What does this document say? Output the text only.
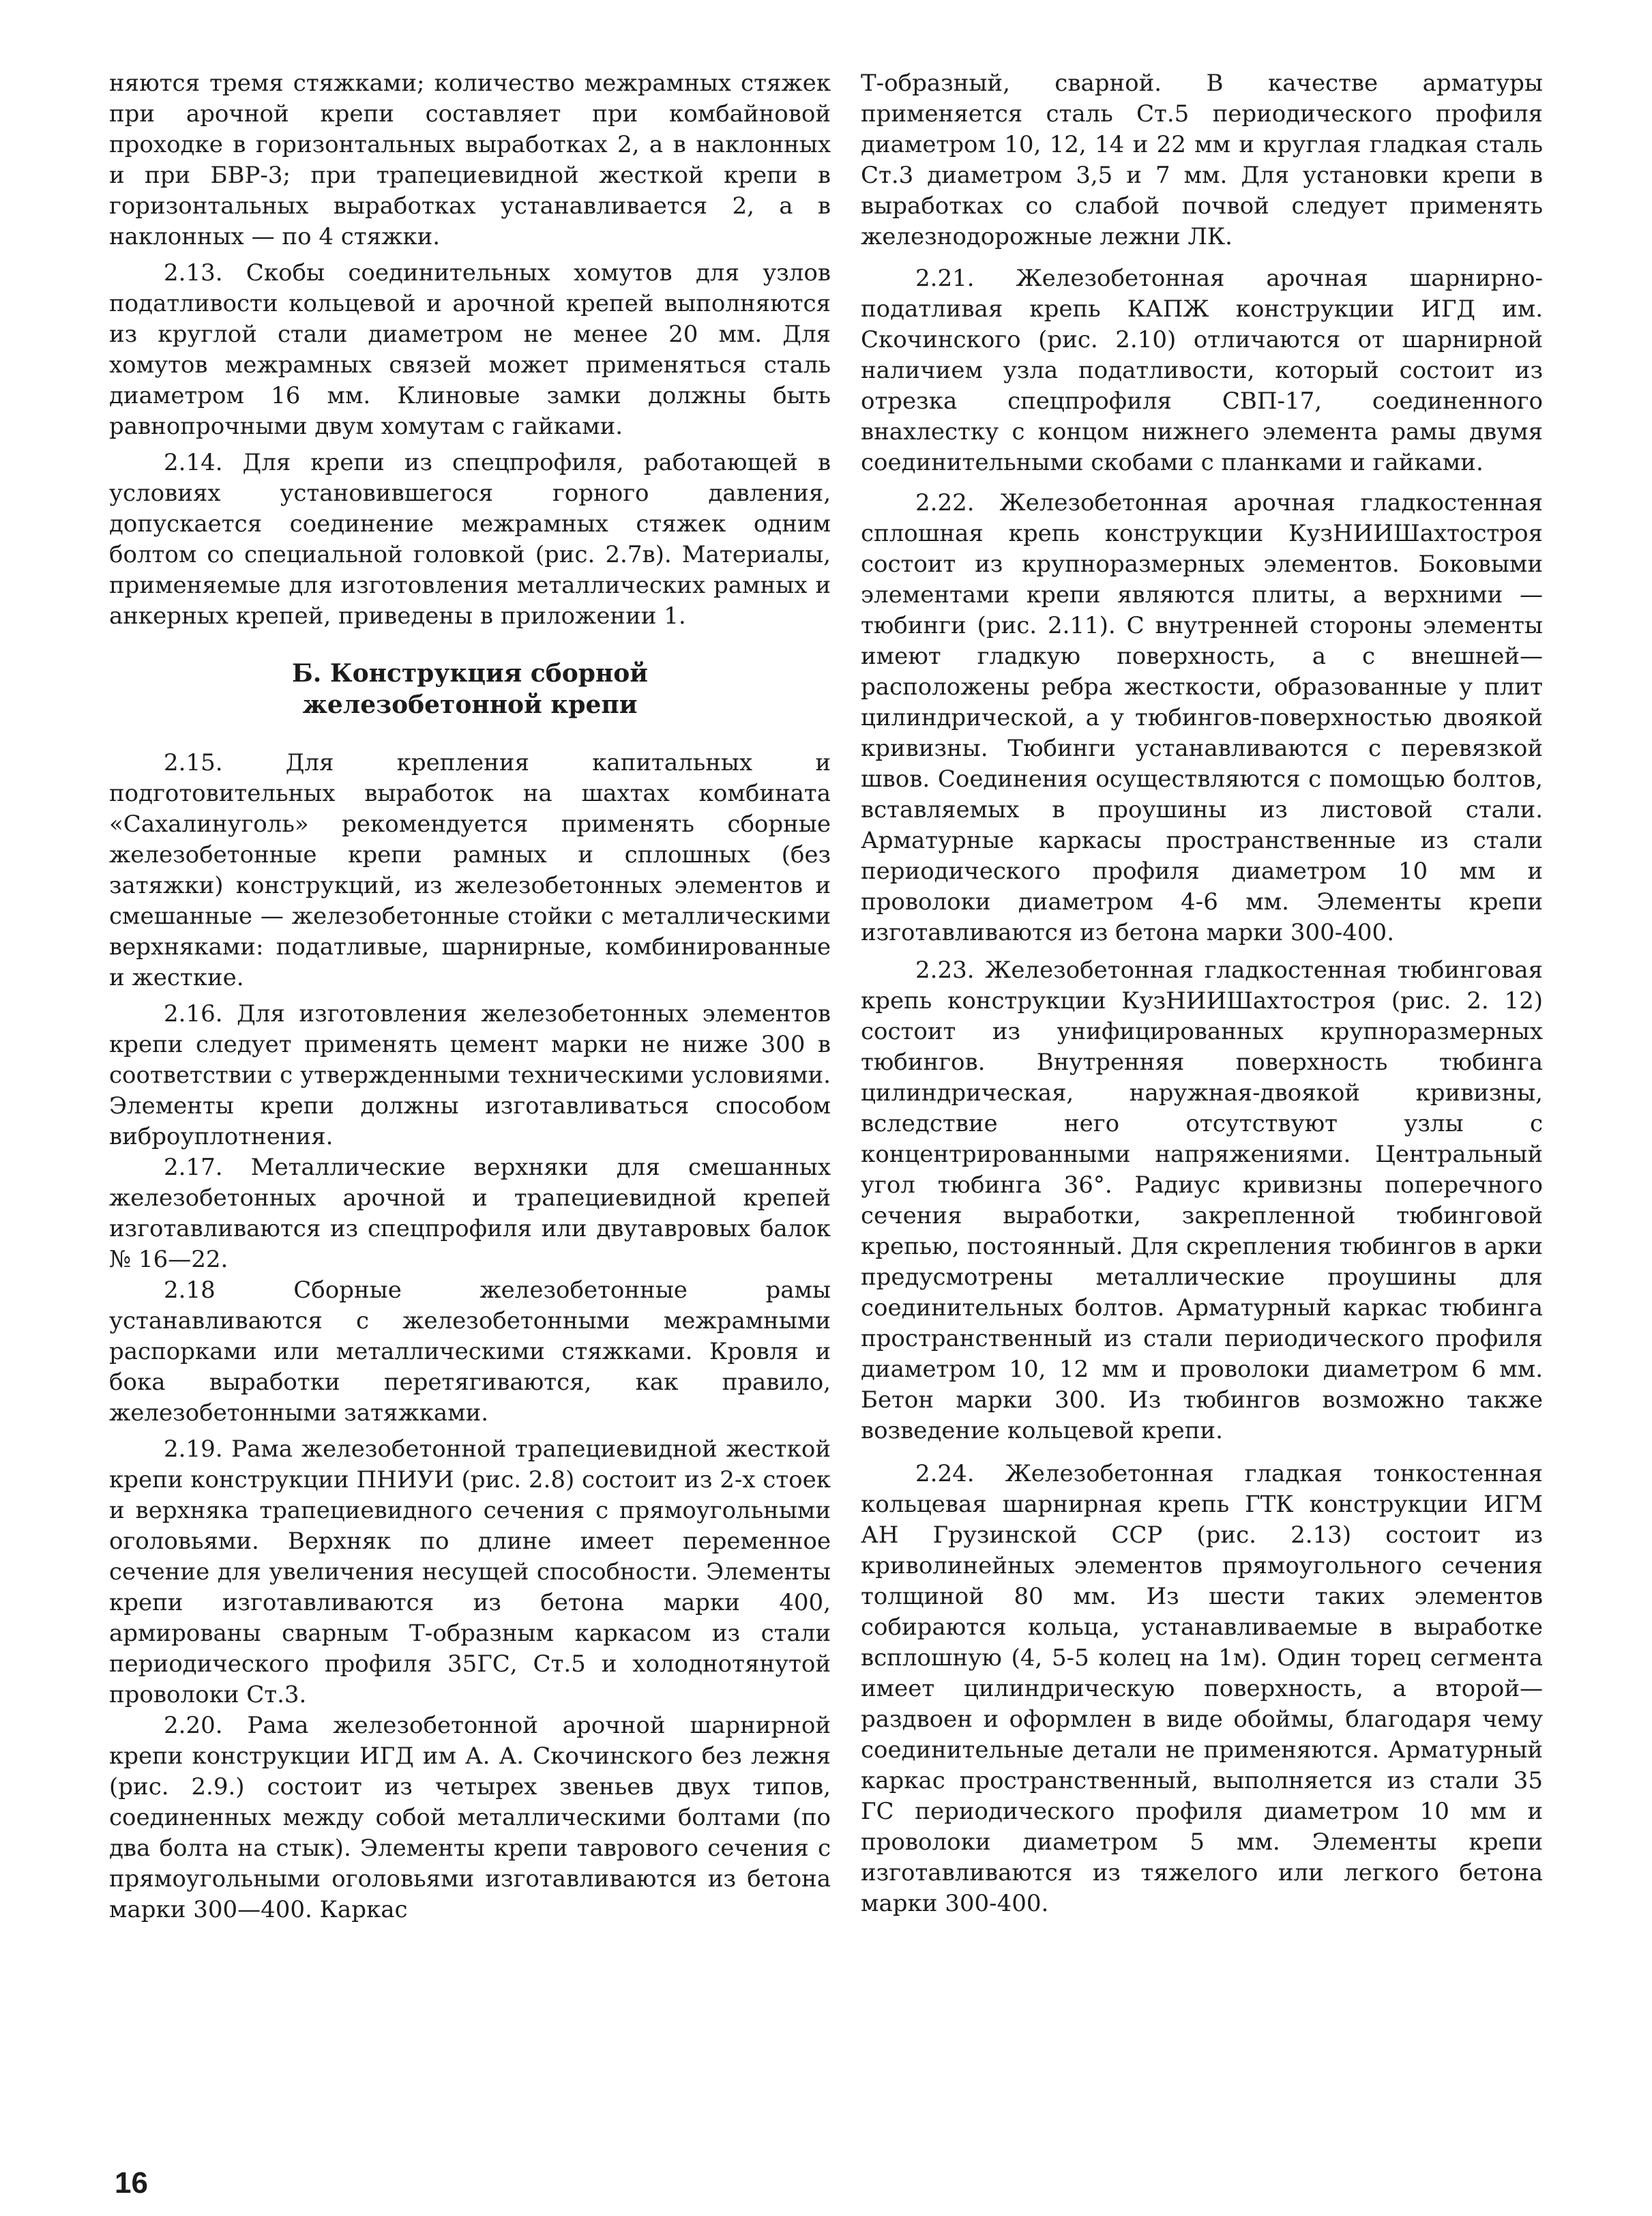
няются тремя стяжками; количество межрамных стяжек при арочной крепи составляет при комбайновой проходке в горизонтальных выработках 2, а в наклонных и при БВР-3; при трапециевидной жесткой крепи в горизонтальных выработках устанавливается 2, а в наклонных — по 4 стяжки.

2.13. Скобы соединительных хомутов для узлов податливости кольцевой и арочной крепей выполняются из круглой стали диаметром не менее 20 мм. Для хомутов межрамных связей может применяться сталь диаметром 16 мм. Клиновые замки должны быть равнопрочными двум хомутам с гайками.

2.14. Для крепи из спецпрофиля, работающей в условиях установившегося горного давления, допускается соединение межрамных стяжек одним болтом со специальной головкой (рис. 2.7в). Материалы, применяемые для изготовления металлических рамных и анкерных крепей, приведены в приложении 1.

Б. Конструкция сборной
железобетонной крепи

2.15. Для крепления капитальных и подготовительных выработок на шахтах комбината «Сахалинуголь» рекомендуется применять сборные железобетонные крепи рамных и сплошных (без затяжки) конструкций, из железобетонных элементов и смешанные — железобетонные стойки с металлическими верхняками: податливые, шарнирные, комбинированные и жесткие.

2.16. Для изготовления железобетонных элементов крепи следует применять цемент марки не ниже 300 в соответствии с утвержденными техническими условиями. Элементы крепи должны изготавливаться способом виброуплотнения.

2.17. Металлические верхняки для смешанных железобетонных арочной и трапециевидной крепей изготавливаются из спецпрофиля или двутавровых балок № 16—22.

2.18 Сборные железобетонные рамы устанавливаются с железобетонными межрамными распорками или металлическими стяжками. Кровля и бока выработки перетягиваются, как правило, железобетонными затяжками.

2.19. Рама железобетонной трапециевидной жесткой крепи конструкции ПНИУИ (рис. 2.8) состоит из 2-х стоек и верхняка трапециевидного сечения с прямоугольными оголовьями. Верхняк по длине имеет переменное сечение для увеличения несущей способности. Элементы крепи изготавливаются из бетона марки 400, армированы сварным Т-образным каркасом из стали периодического профиля 35ГС, Ст.5 и холоднотянутой проволоки Ст.3.

2.20. Рама железобетонной арочной шарнирной крепи конструкции ИГД им А. А. Скочинского без лежня (рис. 2.9.) состоит из четырех звеньев двух типов, соединенных между собой металлическими болтами (по два болта на стык). Элементы крепи таврового сечения с прямоугольными оголовьями изготавливаются из бетона марки 300—400. Каркас

Т-образный, сварной. В качестве арматуры применяется сталь Ст.5 периодического профиля диаметром 10, 12, 14 и 22 мм и круглая гладкая сталь Ст.3 диаметром 3,5 и 7 мм. Для установки крепи в выработках со слабой почвой следует применять железнодорожные лежни ЛК.

2.21. Железобетонная арочная шарнирно-податливая крепь КАПЖ конструкции ИГД им. Скочинского (рис. 2.10) отличаются от шарнирной наличием узла податливости, который состоит из отрезка спецпрофиля СВП-17, соединенного внахлестку с концом нижнего элемента рамы двумя соединительными скобами с планками и гайками.

2.22. Железобетонная арочная гладкостенная сплошная крепь конструкции КузНИИШахтостроя состоит из крупноразмерных элементов. Боковыми элементами крепи являются плиты, а верхними — тюбинги (рис. 2.11). С внутренней стороны элементы имеют гладкую поверхность, а с внешней—расположены ребра жесткости, образованные у плит цилиндрической, а у тюбингов-поверхностью двоякой кривизны. Тюбинги устанавливаются с перевязкой швов. Соединения осуществляются с помощью болтов, вставляемых в проушины из листовой стали. Арматурные каркасы пространственные из стали периодического профиля диаметром 10 мм и проволоки диаметром 4-6 мм. Элементы крепи изготавливаются из бетона марки 300-400.

2.23. Железобетонная гладкостенная тюбинговая крепь конструкции КузНИИШахтостроя (рис. 2. 12) состоит из унифицированных крупноразмерных тюбингов. Внутренняя поверхность тюбинга цилиндрическая, наружная-двоякой кривизны, вследствие него отсутствуют узлы с концентрированными напряжениями. Центральный угол тюбинга 36°. Радиус кривизны поперечного сечения выработки, закрепленной тюбинговой крепью, постоянный. Для скрепления тюбингов в арки предусмотрены металлические проушины для соединительных болтов. Арматурный каркас тюбинга пространственный из стали периодического профиля диаметром 10, 12 мм и проволоки диаметром 6 мм. Бетон марки 300. Из тюбингов возможно также возведение кольцевой крепи.

2.24. Железобетонная гладкая тонкостенная кольцевая шарнирная крепь ГТК конструкции ИГМ АН Грузинской ССР (рис. 2.13) состоит из криволинейных элементов прямоугольного сечения толщиной 80 мм. Из шести таких элементов собираются кольца, устанавливаемые в выработке всплошную (4, 5-5 колец на 1м). Один торец сегмента имеет цилиндрическую поверхность, а второй—раздвоен и оформлен в виде обоймы, благодаря чему соединительные детали не применяются. Арматурный каркас пространственный, выполняется из стали 35 ГС периодического профиля диаметром 10 мм и проволоки диаметром 5 мм. Элементы крепи изготавливаются из тяжелого или легкого бетона марки 300-400.

16
